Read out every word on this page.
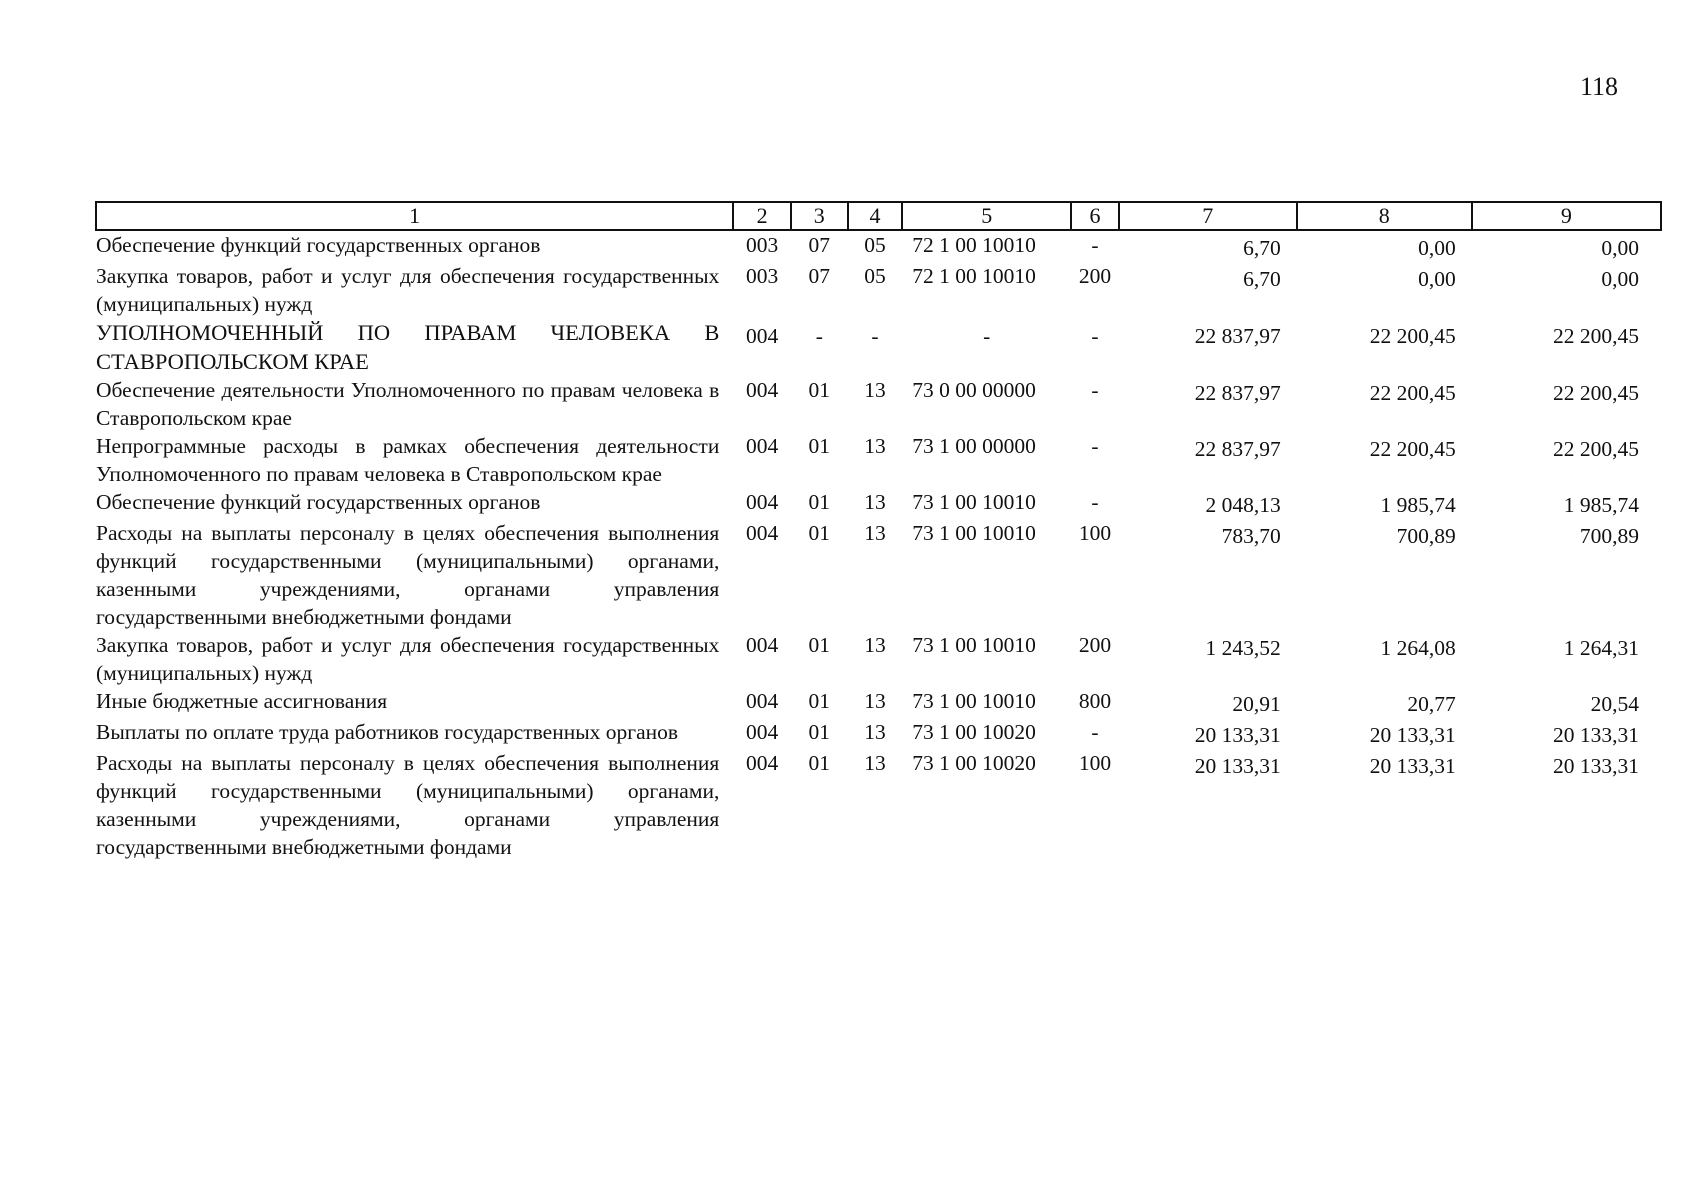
118
1	2	3	4	5	6	7	8	9
Обеспечение функций государственных органов	003	07	05	72 1 00 10010	-	6,70	0,00	0,00
Закупка товаров, работ и услуг для обеспечения государственных (муниципальных) нужд	003	07	05	72 1 00 10010	200	6,70	0,00	0,00
УПОЛНОМОЧЕННЫЙ ПО ПРАВАМ ЧЕЛОВЕКА В СТАВРОПОЛЬСКОМ КРАЕ	004	-	-	-	-	22 837,97	22 200,45	22 200,45
Обеспечение деятельности Уполномоченного по правам человека в Ставропольском крае	004	01	13	73 0 00 00000	-	22 837,97	22 200,45	22 200,45
Непрограммные расходы в рамках обеспечения деятельности Уполномоченного по правам человека в Ставропольском крае	004	01	13	73 1 00 00000	-	22 837,97	22 200,45	22 200,45
Обеспечение функций государственных органов	004	01	13	73 1 00 10010	-	2 048,13	1 985,74	1 985,74
Расходы на выплаты персоналу в целях обеспечения выполнения функций государственными (муниципальными) органами, казенными учреждениями, органами управления государственными внебюджетными фондами	004	01	13	73 1 00 10010	100	783,70	700,89	700,89
Закупка товаров, работ и услуг для обеспечения государственных (муниципальных) нужд	004	01	13	73 1 00 10010	200	1 243,52	1 264,08	1 264,31
Иные бюджетные ассигнования	004	01	13	73 1 00 10010	800	20,91	20,77	20,54
Выплаты по оплате труда работников государственных органов	004	01	13	73 1 00 10020	-	20 133,31	20 133,31	20 133,31
Расходы на выплаты персоналу в целях обеспечения выполнения функций государственными (муниципальными) органами, казенными учреждениями, органами управления государственными внебюджетными фондами	004	01	13	73 1 00 10020	100	20 133,31	20 133,31	20 133,31
